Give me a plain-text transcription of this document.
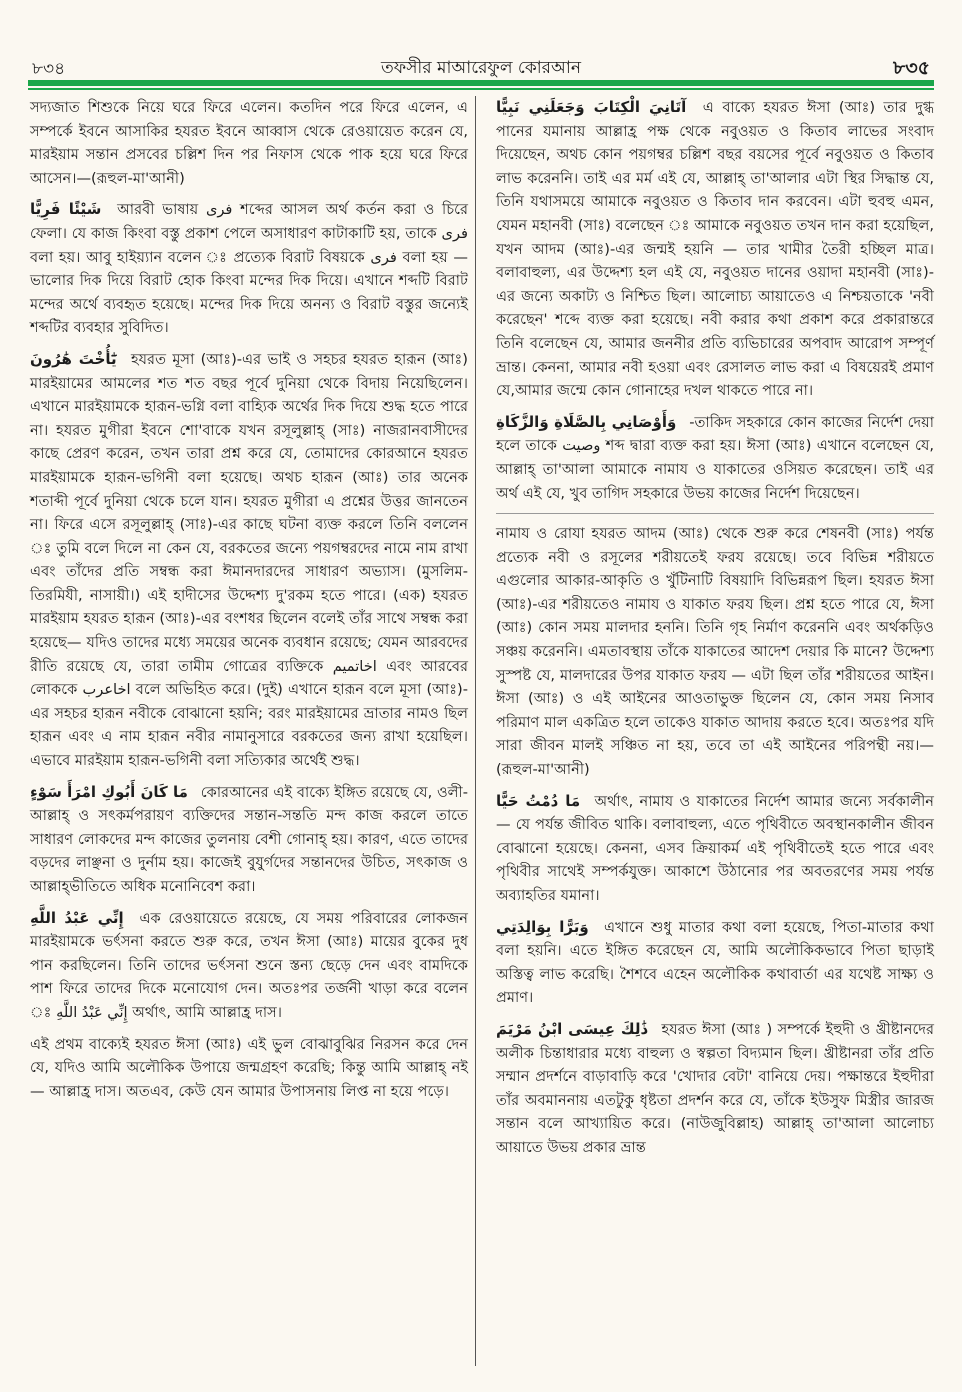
৮৩৪	তফসীর মাআরেফুল কোরআন	৮৩৫

সদ্যজাত শিশুকে নিয়ে ঘরে ফিরে এলেন। কতদিন পরে ফিরে এলেন, এ সম্পর্কে ইবনে আসাকির হযরত ইবনে আব্বাস থেকে রেওয়ায়েত করেন যে, মারইয়াম সন্তান প্রসবের চল্লিশ দিন পর নিফাস থেকে পাক হয়ে ঘরে ফিরে আসেন।—(রূহুল-মা'আনী)

شَيْئًا فَرِيًّا আরবী ভাষায় فرى শব্দের আসল অর্থ কর্তন করা ও চিরে ফেলা। যে কাজ কিংবা বস্তু প্রকাশ পেলে অসাধারণ কাটাকাটি হয়, তাকে فرى বলা হয়। আবু হাইয়্যান বলেন ঃ প্রত্যেক বিরাট বিষয়কে فرى বলা হয় — ভালোর দিক দিয়ে বিরাট হোক কিংবা মন্দের দিক দিয়ে। এখানে শব্দটি বিরাট মন্দের অর্থে ব্যবহৃত হয়েছে। মন্দের দিক দিয়ে অনন্য ও বিরাট বস্তুর জন্যেই শব্দটির ব্যবহার সুবিদিত।

يَٰٓأُخْتَ هَٰرُونَ হযরত মূসা (আঃ)-এর ভাই ও সহচর হযরত হারূন (আঃ) মারইয়ামের আমলের শত শত বছর পূর্বে দুনিয়া থেকে বিদায় নিয়েছিলেন। এখানে মারইয়ামকে হারূন-ভগ্নি বলা বাহ্যিক অর্থের দিক দিয়ে শুদ্ধ হতে পারে না। হযরত মুগীরা ইবনে শো'বাকে যখন রসূলুল্লাহ্ (সাঃ) নাজরানবাসীদের কাছে প্রেরণ করেন, তখন তারা প্রশ্ন করে যে, তোমাদের কোরআনে হযরত মারইয়ামকে হারূন-ভগিনী বলা হয়েছে। অথচ হারূন (আঃ) তার অনেক শতাব্দী পূর্বে দুনিয়া থেকে চলে যান। হযরত মুগীরা এ প্রশ্নের উত্তর জানতেন না। ফিরে এসে রসূলুল্লাহ্ (সাঃ)-এর কাছে ঘটনা ব্যক্ত করলে তিনি বললেন ঃ তুমি বলে দিলে না কেন যে, বরকতের জন্যে পয়গম্বরদের নামে নাম রাখা এবং তাঁদের প্রতি সম্বন্ধ করা ঈমানদারদের সাধারণ অভ্যাস। (মুসলিম-তিরমিযী, নাসায়ী।) এই হাদীসের উদ্দেশ্য দু'রকম হতে পারে। (এক) হযরত মারইয়াম হযরত হারূন (আঃ)-এর বংশধর ছিলেন বলেই তাঁর সাথে সম্বন্ধ করা হয়েছে— যদিও তাদের মধ্যে সময়ের অনেক ব্যবধান রয়েছে; যেমন আরবদের রীতি রয়েছে যে, তারা তামীম গোত্রের ব্যক্তিকে اخاتميم এবং আরবের লোককে اخاعرب বলে অভিহিত করে। (দুই) এখানে হারূন বলে মূসা (আঃ)-এর সহচর হারূন নবীকে বোঝানো হয়নি; বরং মারইয়ামের ভ্রাতার নামও ছিল হারূন এবং এ নাম হারূন নবীর নামানুসারে বরকতের জন্য রাখা হয়েছিল। এভাবে মারইয়াম হারূন-ভগিনী বলা সত্যিকার অর্থেই শুদ্ধ।

مَا كَانَ أَبُوكِ امْرَأَ سَوْءٍ কোরআনের এই বাক্যে ইঙ্গিত রয়েছে যে, ওলী-আল্লাহ্ ও সৎকর্মপরায়ণ ব্যক্তিদের সন্তান-সন্ততি মন্দ কাজ করলে তাতে সাধারণ লোকদের মন্দ কাজের তুলনায় বেশী গোনাহ্ হয়। কারণ, এতে তাদের বড়দের লাঞ্ছনা ও দুর্নাম হয়। কাজেই বুযুর্গদের সন্তানদের উচিত, সৎকাজ ও আল্লাহ্ভীতিতে অধিক মনোনিবেশ করা।

إِنِّي عَبْدُ اللَّهِ এক রেওয়ায়েতে রয়েছে, যে সময় পরিবারের লোকজন মারইয়ামকে ভর্ৎসনা করতে শুরু করে, তখন ঈসা (আঃ) মায়ের বুকের দুধ পান করছিলেন। তিনি তাদের ভর্ৎসনা শুনে স্তন্য ছেড়ে দেন এবং বামদিকে পাশ ফিরে তাদের দিকে মনোযোগ দেন। অতঃপর তর্জনী খাড়া করে বলেন ঃ إِنِّي عَبْدُ اللَّهِ অর্থাৎ, আমি আল্লাহ্র দাস।

এই প্রথম বাক্যেই হযরত ঈসা (আঃ) এই ভুল বোঝাবুঝির নিরসন করে দেন যে, যদিও আমি অলৌকিক উপায়ে জন্মগ্রহণ করেছি; কিন্তু আমি আল্লাহ্ নই— আল্লাহ্র দাস। অতএব, কেউ যেন আমার উপাসনায় লিপ্ত না হয়ে পড়ে।

آتَانِيَ الْكِتَابَ وَجَعَلَنِي نَبِيًّا এ বাক্যে হযরত ঈসা (আঃ) তার দুগ্ধ পানের যমানায় আল্লাহ্র পক্ষ থেকে নবুওয়ত ও কিতাব লাভের সংবাদ দিয়েছেন, অথচ কোন পয়গম্বর চল্লিশ বছর বয়সের পূর্বে নবুওয়ত ও কিতাব লাভ করেননি। তাই এর মর্ম এই যে, আল্লাহ্ তা'আলার এটা স্থির সিদ্ধান্ত যে, তিনি যথাসময়ে আমাকে নবুওয়ত ও কিতাব দান করবেন। এটা হুবহু এমন, যেমন মহানবী (সাঃ) বলেছেন ঃ আমাকে নবুওয়ত তখন দান করা হয়েছিল, যখন আদম (আঃ)-এর জন্মই হয়নি — তার খামীর তৈরী হচ্ছিল মাত্র। বলাবাহুল্য, এর উদ্দেশ্য হল এই যে, নবুওয়ত দানের ওয়াদা মহানবী (সাঃ)-এর জন্যে অকাট্য ও নিশ্চিত ছিল। আলোচ্য আয়াতেও এ নিশ্চয়তাকে 'নবী করেছেন' শব্দে ব্যক্ত করা হয়েছে। নবী করার কথা প্রকাশ করে প্রকারান্তরে তিনি বলেছেন যে, আমার জননীর প্রতি ব্যভিচারের অপবাদ আরোপ সম্পূর্ণ ভ্রান্ত। কেননা, আমার নবী হওয়া এবং রেসালত লাভ করা এ বিষয়েরই প্রমাণ যে,আমার জন্মে কোন গোনাহের দখল থাকতে পারে না।

وَأَوْصَانِي بِالصَّلَاةِ وَالزَّكَاةِ -তাকিদ সহকারে কোন কাজের নির্দেশ দেয়া হলে তাকে وصيت শব্দ দ্বারা ব্যক্ত করা হয়। ঈসা (আঃ) এখানে বলেছেন যে, আল্লাহ্ তা'আলা আমাকে নামায ও যাকাতের ওসিয়ত করেছেন। তাই এর অর্থ এই যে, খুব তাগিদ সহকারে উভয় কাজের নির্দেশ দিয়েছেন।

নামায ও রোযা হযরত আদম (আঃ) থেকে শুরু করে শেষনবী (সাঃ) পর্যন্ত প্রত্যেক নবী ও রসূলের শরীয়তেই ফরয রয়েছে। তবে বিভিন্ন শরীয়তে এগুলোর আকার-আকৃতি ও খুঁটিনাটি বিষয়াদি বিভিন্নরূপ ছিল। হযরত ঈসা (আঃ)-এর শরীয়তেও নামায ও যাকাত ফরয ছিল। প্রশ্ন হতে পারে যে, ঈসা (আঃ) কোন সময় মালদার হননি। তিনি গৃহ নির্মাণ করেননি এবং অর্থকড়িও সঞ্চয় করেননি। এমতাবস্থায় তাঁকে যাকাতের আদেশ দেয়ার কি মানে? উদ্দেশ্য সুস্পষ্ট যে, মালদারের উপর যাকাত ফরয — এটা ছিল তাঁর শরীয়তের আইন। ঈসা (আঃ) ও এই আইনের আওতাভুক্ত ছিলেন যে, কোন সময় নিসাব পরিমাণ মাল একত্রিত হলে তাকেও যাকাত আদায় করতে হবে। অতঃপর যদি সারা জীবন মালই সঞ্চিত না হয়, তবে তা এই আইনের পরিপন্থী নয়।—(রূহুল-মা'আনী)

مَا دُمْتُ حَيًّا অর্থাৎ, নামায ও যাকাতের নির্দেশ আমার জন্যে সর্বকালীন — যে পর্যন্ত জীবিত থাকি। বলাবাহুল্য, এতে পৃথিবীতে অবস্থানকালীন জীবন বোঝানো হয়েছে। কেননা, এসব ক্রিয়াকর্ম এই পৃথিবীতেই হতে পারে এবং পৃথিবীর সাথেই সম্পর্কযুক্ত। আকাশে উঠানোর পর অবতরণের সময় পর্যন্ত অব্যাহতির যমানা।

وَبَرًّا بِوَالِدَتِي এখানে শুধু মাতার কথা বলা হয়েছে, পিতা-মাতার কথা বলা হয়নি। এতে ইঙ্গিত করেছেন যে, আমি অলৌকিকভাবে পিতা ছাড়াই অস্তিত্ব লাভ করেছি। শৈশবে এহেন অলৌকিক কথাবার্তা এর যথেষ্ট সাক্ষ্য ও প্রমাণ।

ذَٰلِكَ عِيسَى ابْنُ مَرْيَمَ হযরত ঈসা (আঃ ) সম্পর্কে ইহুদী ও খ্রীষ্টানদের অলীক চিন্তাধারার মধ্যে বাহুল্য ও স্বল্পতা বিদ্যমান ছিল। খ্রীষ্টানরা তাঁর প্রতি সম্মান প্রদর্শনে বাড়াবাড়ি করে 'খোদার বেটা' বানিয়ে দেয়। পক্ষান্তরে ইহুদীরা তাঁর অবমাননায় এতটুকু ধৃষ্টতা প্রদর্শন করে যে, তাঁকে ইউসুফ মিস্ত্রীর জারজ সন্তান বলে আখ্যায়িত করে। (নাউজুবিল্লাহ) আল্লাহ্ তা'আলা আলোচ্য আয়াতে উভয় প্রকার ভ্রান্ত
